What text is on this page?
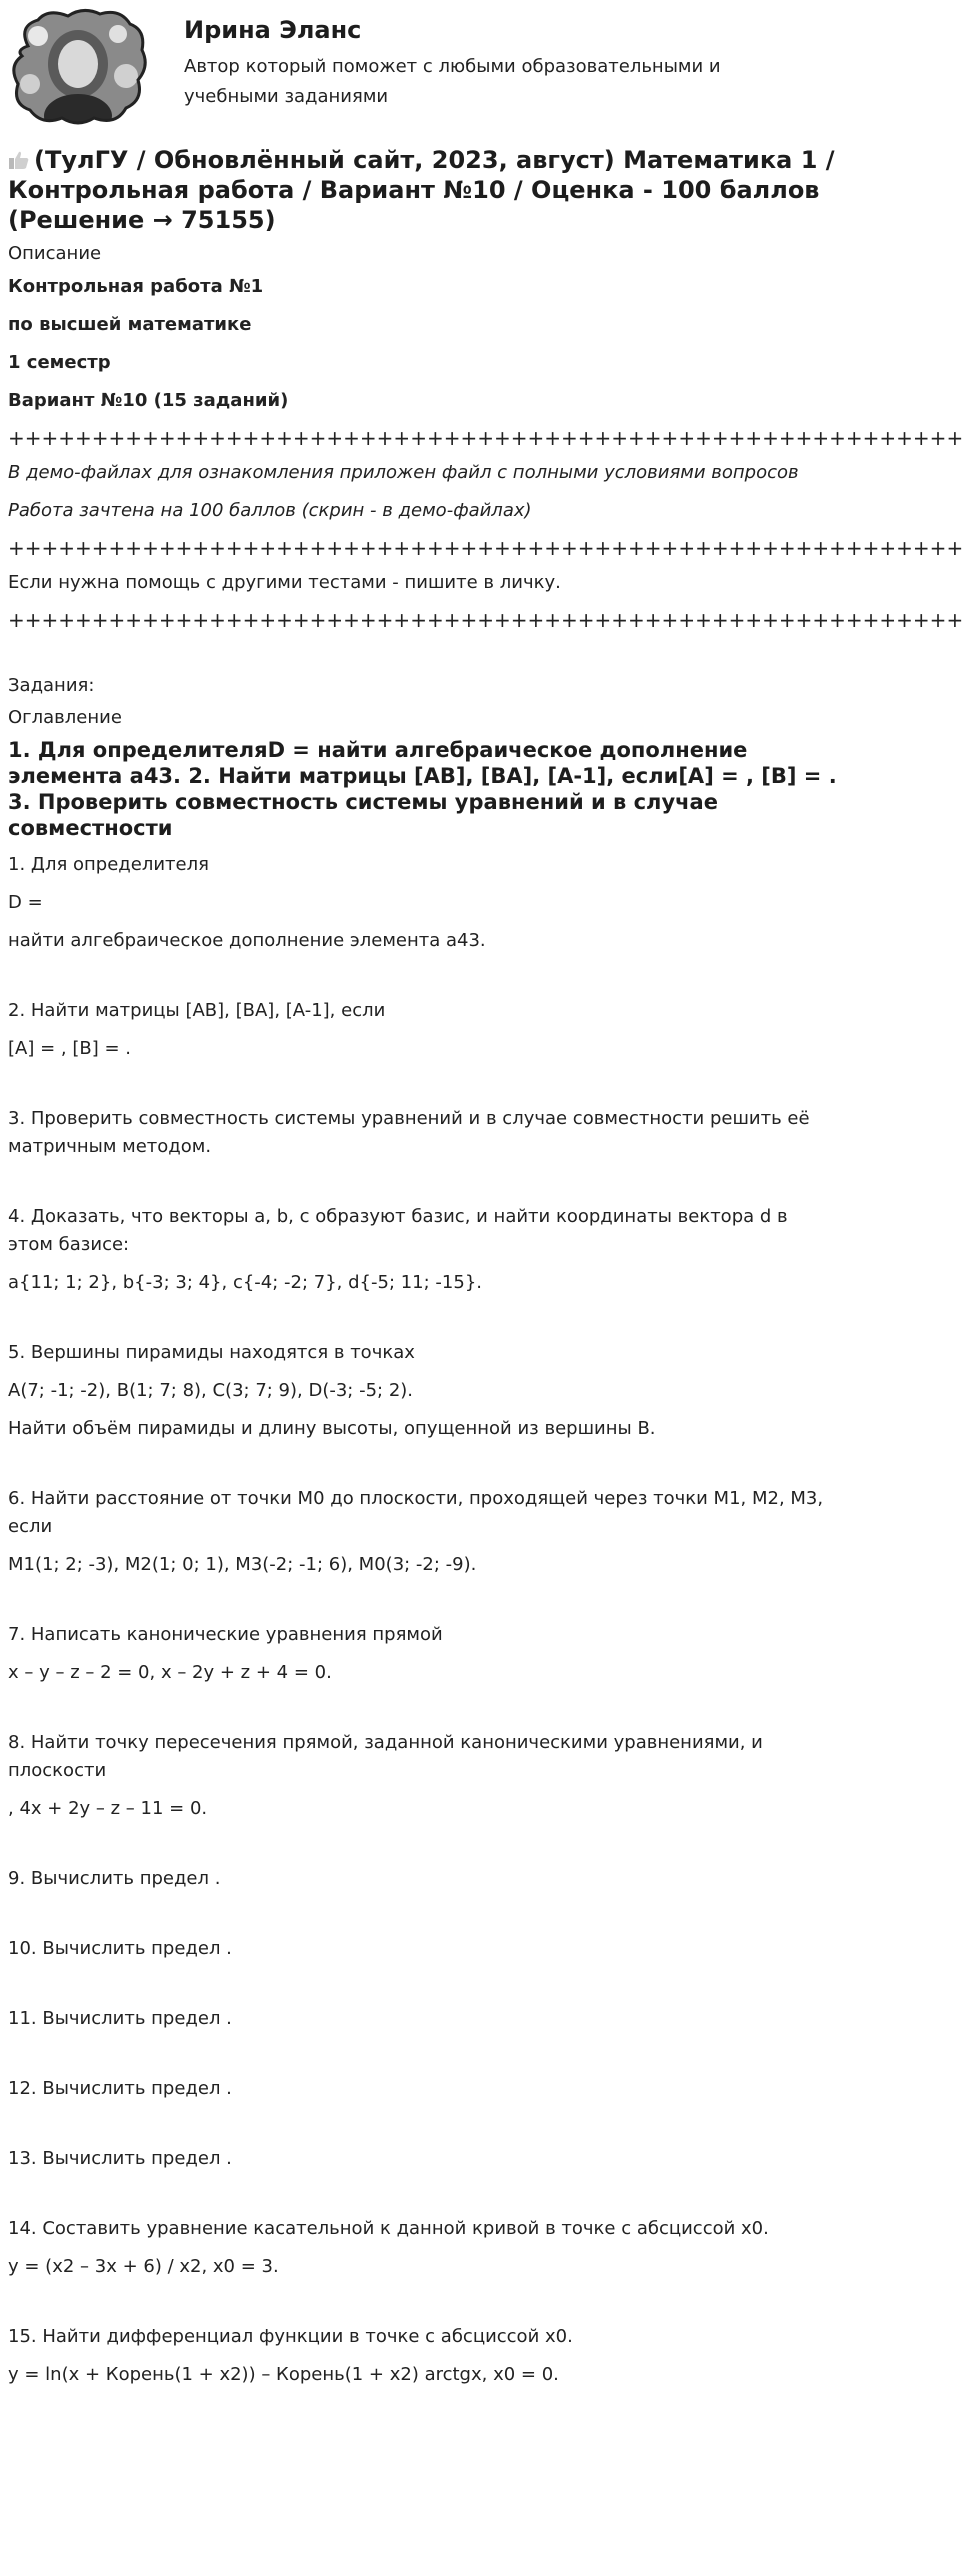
Ирина Эланс
Автор который поможет с любыми образовательными и учебными заданиями
(ТулГУ / Обновлённый сайт, 2023, август) Математика 1 / Контрольная работа / Вариант №10 / Оценка - 100 баллов (Решение → 75155)
Описание
Контрольная работа №1
по высшей математике
1 семестр
Вариант №10 (15 заданий)
+++++++++++++++++++++++++++++++++++++++++++++++++++++++++
В демо-файлах для ознакомления приложен файл с полными условиями вопросов
Работа зачтена на 100 баллов (скрин - в демо-файлах)
+++++++++++++++++++++++++++++++++++++++++++++++++++++++++
Если нужна помощь с другими тестами - пишите в личку.
+++++++++++++++++++++++++++++++++++++++++++++++++++++++++
Задания:
Оглавление
1. Для определителяD = найти алгебраическое дополнение элемента a43. 2. Найти матрицы [AB], [BA], [A-1], если[A] = , [B] = . 3. Проверить совместность системы уравнений и в случае совместности
1. Для определителя
D =
найти алгебраическое дополнение элемента a43.
2. Найти матрицы [AB], [BA], [A-1], если
[A] = , [B] = .
3. Проверить совместность системы уравнений и в случае совместности решить её матричным методом.
4. Доказать, что векторы a, b, c образуют базис, и найти координаты вектора d в этом базисе:
a{11; 1; 2}, b{-3; 3; 4}, c{-4; -2; 7}, d{-5; 11; -15}.
5. Вершины пирамиды находятся в точках
A(7; -1; -2), B(1; 7; 8), C(3; 7; 9), D(-3; -5; 2).
Найти объём пирамиды и длину высоты, опущенной из вершины B.
6. Найти расстояние от точки M0 до плоскости, проходящей через точки M1, M2, M3, если
M1(1; 2; -3), M2(1; 0; 1), M3(-2; -1; 6), M0(3; -2; -9).
7. Написать канонические уравнения прямой
x – y – z – 2 = 0, x – 2y + z + 4 = 0.
8. Найти точку пересечения прямой, заданной каноническими уравнениями, и плоскости
, 4x + 2y – z – 11 = 0.
9. Вычислить предел .
10. Вычислить предел .
11. Вычислить предел .
12. Вычислить предел .
13. Вычислить предел .
14. Составить уравнение касательной к данной кривой в точке с абсциссой x0.
y = (x2 – 3x + 6) / x2, x0 = 3.
15. Найти дифференциал функции в точке с абсциссой x0.
y = ln(x + Корень(1 + x2)) – Корень(1 + x2) arctgx, x0 = 0.
